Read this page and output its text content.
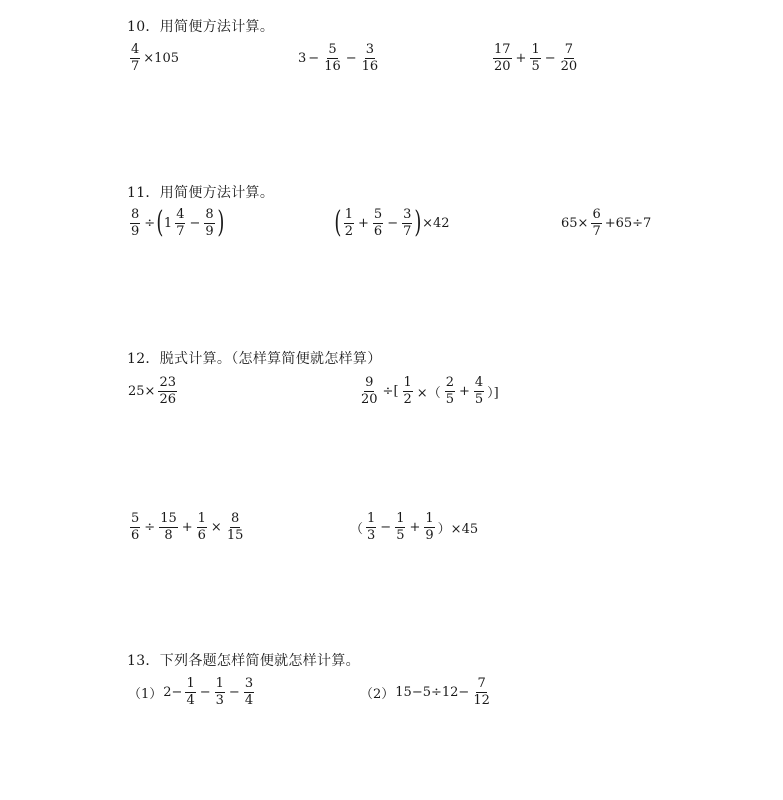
10．用简便方法计算。
$\frac{4}{7} \times 105$	$3 - \frac{5}{16} - \frac{3}{16}$	$\frac{17}{20} + \frac{1}{5} - \frac{7}{20}$
11．用简便方法计算。
$\frac{8}{9}$ ÷ ( $1 \frac{4}{7} - \frac{8}{9}$ )	( $\frac{1}{2} + \frac{5}{6} - \frac{3}{7}$ ) ×42	$65\times \frac{6}{7} +65\div 7$
12．脱式计算。（怎样算简便就怎样算）
$25\times \frac{23}{26}$	$\frac{9}{20}$ ÷[ $\frac{1}{2}$ ×（ $\frac{2}{5} + \frac{4}{5}$ ）]
$\frac{5}{6} \div \frac{15}{8} + \frac{1}{6} \times \frac{8}{15}$	（ $\frac{1}{3} - \frac{1}{5} + \frac{1}{9} )\times 45$
13．下列各题怎样简便就怎样计算。
（1） $2- \frac{1}{4} - \frac{1}{3} - \frac{3}{4}$	（2） $15-5\div 12- \frac{7}{12}$
